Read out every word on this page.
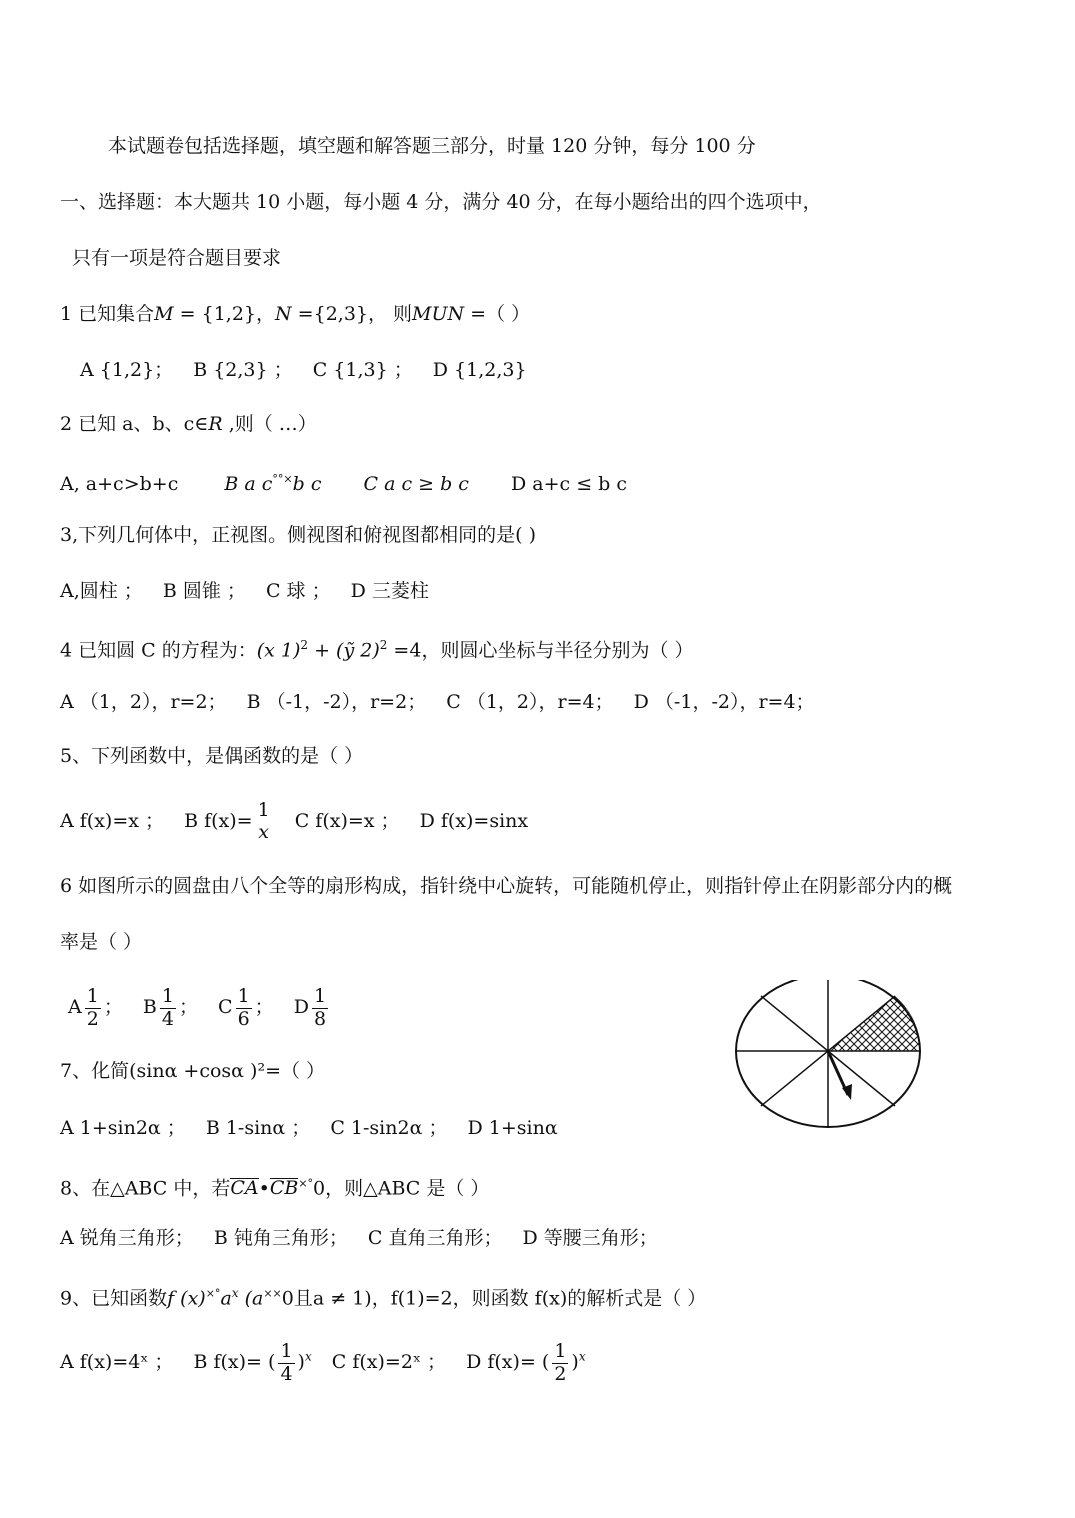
本试题卷包括选择题，填空题和解答题三部分，时量 120 分钟，每分 100 分
一、选择题：本大题共 10 小题，每小题 4 分，满分 40 分，在每小题给出的四个选项中，
只有一项是符合题目要求
1 已知集合M = {1,2}，N ={2,3}， 则MUN =（ ）
A {1,2}； B {2,3} ； C {1,3} ； D {1,2,3}
2 已知 a、b、c∈R ,则（ …）
A, a+c>b+c B a c°°×b c C a c ≥ b c D a+c ≤ b c
3,下列几何体中，正视图。侧视图和俯视图都相同的是( )
A,圆柱 ； B 圆锥 ； C 球 ； D 三菱柱
4 已知圆 C 的方程为：(x 1)$^2$ + (ỹ 2)$^2$ =4，则圆心坐标与半径分别为（ ）
A （1，2），r=2； B （-1，-2），r=2； C （1，2），r=4； D （-1，-2），r=4；
5、下列函数中，是偶函数的是（ ）
A f(x)=x ； B f(x)= 1
x C f(x)=x ； D f(x)=sinx
6 如图所示的圆盘由八个全等的扇形构成，指针绕中心旋转，可能随机停止，则指针停止在阴影部分内的概
率是（ ）
A $\frac{1}{2}$ ； B $\frac{1}{4}$ ； C $\frac{1}{6}$ ； D $\frac{1}{8}$
7、化简(sinα +cosα )²=（ ）
A 1+sin2α ； B 1-sinα ； C 1-sin2α ； D 1+sinα
8、在△ABC 中，若CA•CB×°0，则△ABC 是（ ）
A 锐角三角形； B 钝角三角形； C 直角三角形； D 等腰三角形；
9、已知函数f $(x)^{\times^\circ}a^x$ (a××0且a ≠ 1)，f(1)=2，则函数 f(x)的解析式是（ ）
A f(x)=4ˣ ； B f(x)= ( $\frac{1}{4} )^x$ C f(x)=2ˣ ； D f(x)= ( $\frac{1}{2} )^x$
